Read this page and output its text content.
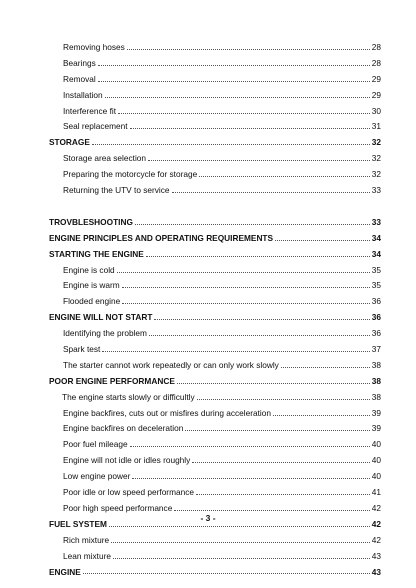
Removing hoses	28
Bearings	28
Removal	29
Installation	29
Interference fit	30
Seal replacement	31
STORAGE	32
Storage area selection	32
Preparing the motorcycle for storage	32
Returning the UTV to service	33
TROVBLESHOOTING	33
ENGINE PRINCIPLES AND OPERATING REQUIREMENTS	34
STARTING THE ENGINE	34
Engine is cold	35
Engine is warm	35
Flooded engine	36
ENGINE WILL NOT START	36
Identifying the problem	36
Spark test	37
The starter cannot work repeatedly or can only work slowly	38
POOR ENGINE PERFORMANCE	38
The engine starts slowly or difficultly	38
Engine backfires, cuts out or misfires during acceleration	39
Engine backfires on deceleration	39
Poor fuel mileage	40
Engine will not idle or idles roughly	40
Low engine power	40
Poor idle or low speed performance	41
Poor high speed performance	42
FUEL SYSTEM	42
Rich mixture	42
Lean mixture	43
ENGINE	43
- 3 -
